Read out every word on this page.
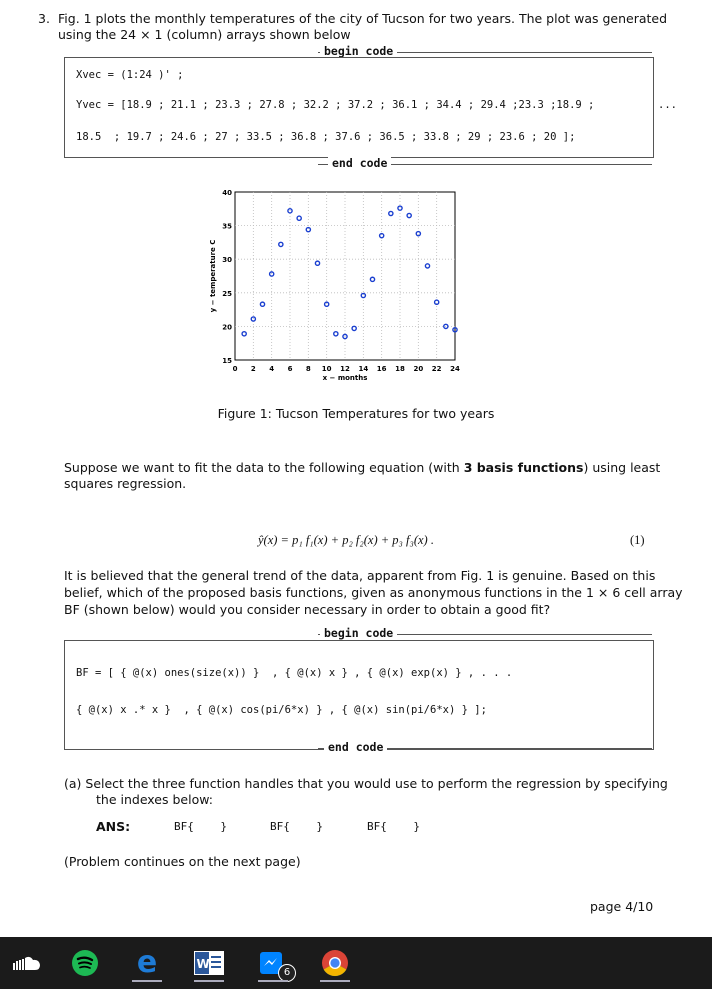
3. Fig. 1 plots the monthly temperatures of the city of Tucson for two years. The plot was generated
using the 24 × 1 (column) arrays shown below
begin code
Xvec = (1:24 )' ;
Yvec = [18.9 ; 21.1 ; 23.3 ; 27.8 ; 32.2 ; 37.2 ; 36.1 ; 34.4 ; 29.4 ;23.3 ;18.9 ;	...
18.5  ; 19.7 ; 24.6 ; 27 ; 33.5 ; 36.8 ; 37.6 ; 36.5 ; 33.8 ; 29 ; 23.6 ; 20 ];
end code
0 2 4 6 8 10 12 14 16 18 20 22 24
15
20
25
30
35
40
x − months
y − temperature C
Figure 1: Tucson Temperatures for two years
Suppose we want to fit the data to the following equation (with 3 basis functions) using least
squares regression.
ŷ(x) = p₁ f₁(x) + p₂ f₂(x) + p₃ f₃(x) .	(1)
It is believed that the general trend of the data, apparent from Fig. 1 is genuine. Based on this
belief, which of the proposed basis functions, given as anonymous functions in the 1 × 6 cell array
BF (shown below) would you consider necessary in order to obtain a good fit?
begin code
BF = [ { @(x) ones(size(x)) }  , { @(x) x } , { @(x) exp(x) } , . . .
{ @(x) x .* x }  , { @(x) cos(pi/6*x) } , { @(x) sin(pi/6*x) } ];
end code
(a) Select the three function handles that you would use to perform the regression by specifying
the indexes below:
ANS:	BF{    }	BF{    }	BF{    }
(Problem continues on the next page)
page 4/10
e	W
6
